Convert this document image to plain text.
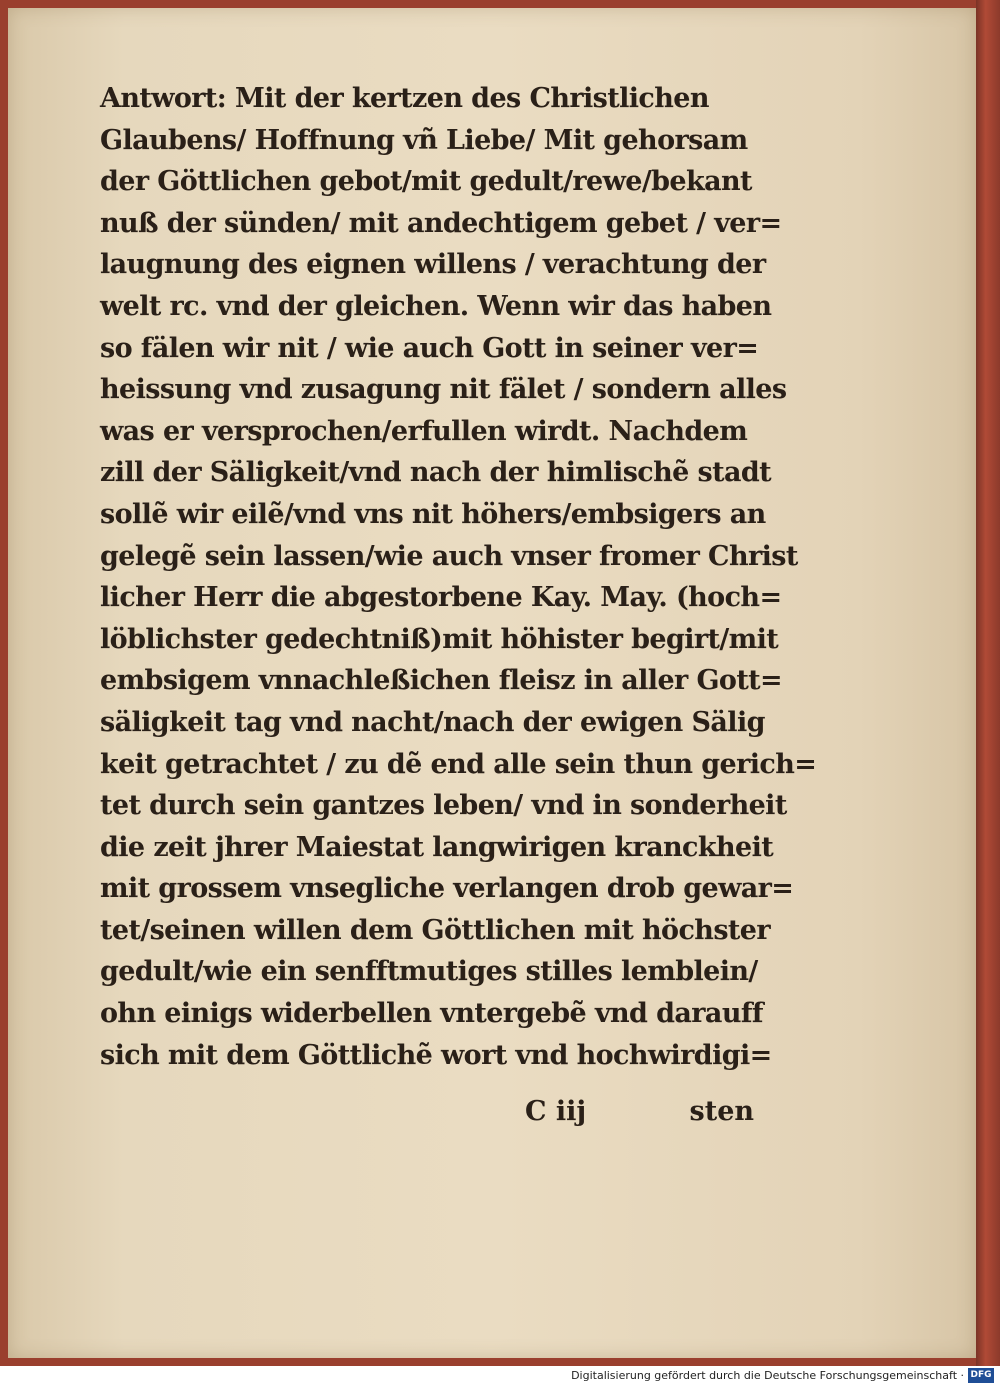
Antwort: Mit der kertzen des Christlichen
Glaubens/ Hoffnung vñ Liebe/ Mit gehorsam
der Göttlichen gebot/mit gedult/rewe/bekant
nuß der sünden/ mit andechtigem gebet / ver=
laugnung des eignen willens / verachtung der
welt rc. vnd der gleichen. Wenn wir das haben
so fälen wir nit / wie auch Gott in seiner ver=
heissung vnd zusagung nit fälet / sondern alles
was er versprochen/erfullen wirdt. Nachdem
zill der Säligkeit/vnd nach der himlischẽ stadt
sollẽ wir eilẽ/vnd vns nit höhers/embsigers an
gelegẽ sein lassen/wie auch vnser fromer Christ
licher Herr die abgestorbene Kay. May. (hoch=
löblichster gedechtniß)mit höhister begirt/mit
embsigem vnnachleßichen fleisz in aller Gott=
säligkeit tag vnd nacht/nach der ewigen Sälig
keit getrachtet / zu dẽ end alle sein thun gerich=
tet durch sein gantzes leben/ vnd in sonderheit
die zeit jhrer Maiestat langwirigen kranckheit
mit grossem vnsegliche verlangen drob gewar=
tet/seinen willen dem Göttlichen mit höchster
gedult/wie ein senfftmutiges stilles lemblein/
ohn einigs widerbellen vntergebẽ vnd darauff
sich mit dem Göttlichẽ wort vnd hochwirdigi=
C iij	sten
Digitalisierung gefördert durch die Deutsche Forschungsgemeinschaft · DFG
